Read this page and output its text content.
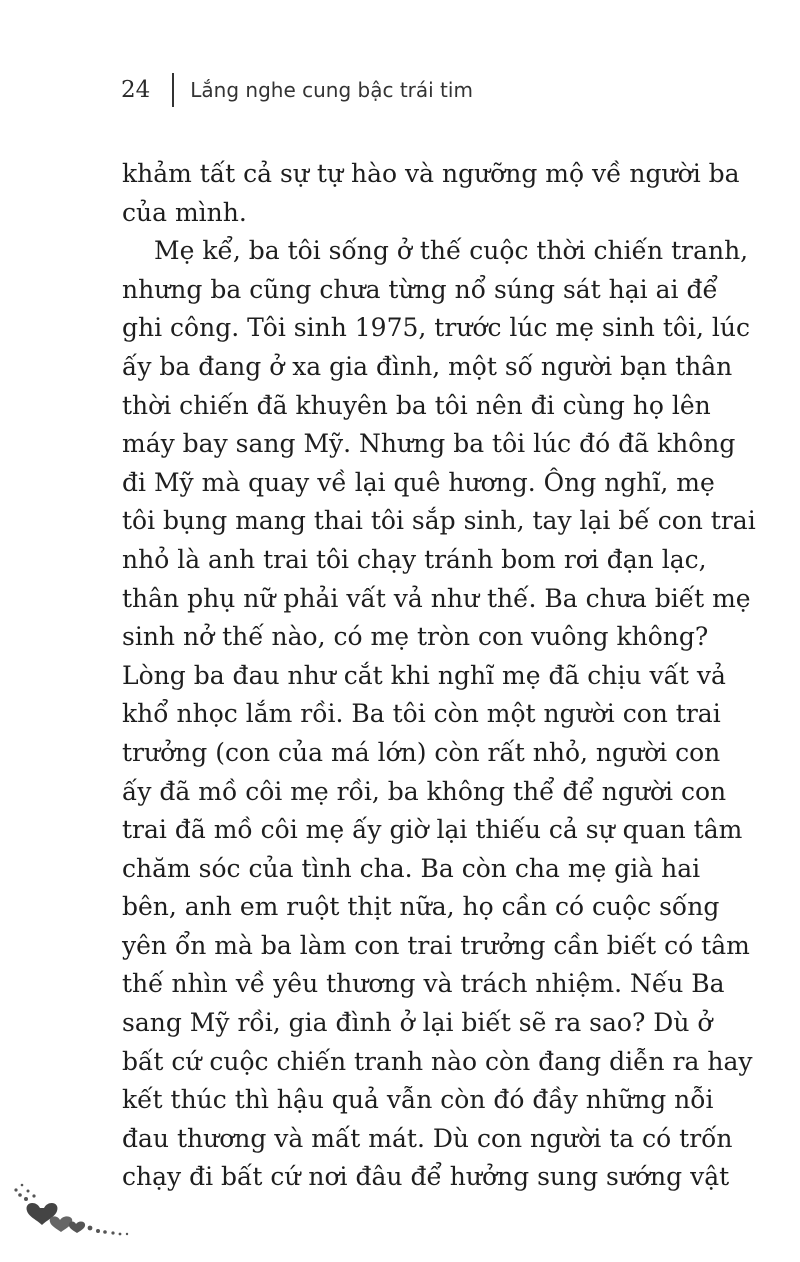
24 Lắng nghe cung bậc trái tim
khảm tất cả sự tự hào và ngưỡng mộ về người ba
của mình.
Mẹ kể, ba tôi sống ở thế cuộc thời chiến tranh,
nhưng ba cũng chưa từng nổ súng sát hại ai để
ghi công. Tôi sinh 1975, trước lúc mẹ sinh tôi, lúc
ấy ba đang ở xa gia đình, một số người bạn thân
thời chiến đã khuyên ba tôi nên đi cùng họ lên
máy bay sang Mỹ. Nhưng ba tôi lúc đó đã không
đi Mỹ mà quay về lại quê hương. Ông nghĩ, mẹ
tôi bụng mang thai tôi sắp sinh, tay lại bế con trai
nhỏ là anh trai tôi chạy tránh bom rơi đạn lạc,
thân phụ nữ phải vất vả như thế. Ba chưa biết mẹ
sinh nở thế nào, có mẹ tròn con vuông không?
Lòng ba đau như cắt khi nghĩ mẹ đã chịu vất vả
khổ nhọc lắm rồi. Ba tôi còn một người con trai
trưởng (con của má lớn) còn rất nhỏ, người con
ấy đã mồ côi mẹ rồi, ba không thể để người con
trai đã mồ côi mẹ ấy giờ lại thiếu cả sự quan tâm
chăm sóc của tình cha. Ba còn cha mẹ già hai
bên, anh em ruột thịt nữa, họ cần có cuộc sống
yên ổn mà ba làm con trai trưởng cần biết có tâm
thế nhìn về yêu thương và trách nhiệm. Nếu Ba
sang Mỹ rồi, gia đình ở lại biết sẽ ra sao? Dù ở
bất cứ cuộc chiến tranh nào còn đang diễn ra hay
kết thúc thì hậu quả vẫn còn đó đầy những nỗi
đau thương và mất mát. Dù con người ta có trốn
chạy đi bất cứ nơi đâu để hưởng sung sướng vật
